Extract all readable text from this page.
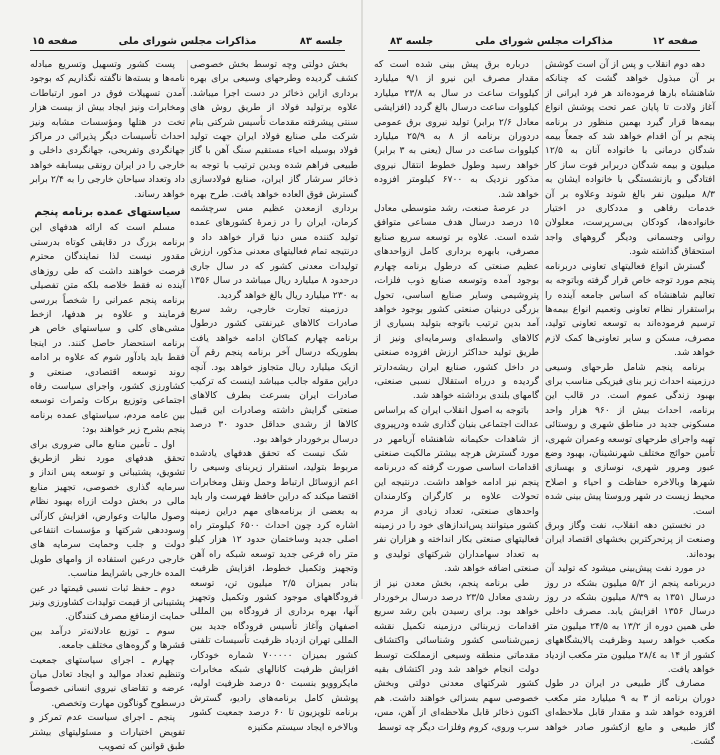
جلسه ۸۳
مذاکرات مجلس شورای ملی
صفحه ۱۵

بخش دولتی وچه توسط بخش خصوصی کشف گردیده وطرحهای وسیعی برای بهره برداری ازاین ذخائر در دست اجرا میباشد. علاوه برتولید فولاد از طریق روش های سنتی پیشرفته مقدمات تأسیس شرکتی بنام شرکت ملی صنایع فولاد ایران جهت تولید فولاد بوسیله احیاء مستقیم سنگ آهن با گاز طبیعی فراهم شده وبدین ترتیب با توجه به ذخائر سرشار گاز ایران، صنایع فولادسازی گسترش فوق العاده خواهد یافت. طرح بهره برداری ازمعدن عظیم مس سرچشمه کرمان، ایران را در زمرهٔ کشورهای عمده تولید کننده مس دنیا قرار خواهد داد و درنتیجه تمام فعالیتهای معدنی مذکور، ارزش تولیدات معدنی کشور که در سال جاری درحدود ۸ میلیارد ریال میباشد در سال ۱۳۵۶ به ۲۳۰ میلیارد ریال بالغ خواهد گردید.

درزمینه تجارت خارجی، رشد سریع صادرات کالاهای غیرنفتی کشور درطول برنامه چهارم کماکان ادامه خواهد یافت بطوریکه درسال آخر برنامه پنجم رقم آن ازیک میلیارد ریال متجاوز خواهد بود. آنچه دراین مقوله جالب میباشد اینست که ترکیب صادرات ایران بسرعت بطرف کالاهای صنعتی گرایش داشته وصادرات این قبیل کالاها از رشدی حداقل حدود ۳۰ درصد درسال برخوردار خواهد بود.

شک نیست که تحقق هدفهای یادشده مربوط بتولید، استقرار زیربنای وسیعی را اعم ازوسائل ارتباط وحمل ونقل ومخابرات اقتضا میکند که دراین حافظ فهرست وار باید به بعضی از برنامه‌های مهم دراین زمینه اشاره کرد چون احداث ۶۵۰۰ کیلومتر راه اصلی جدید وساختمان حدود ۱۲ هزار کیلو متر راه فرعی جدید توسعه شبکه راه آهن وتجهیز وتکمیل خطوط، افزایش ظرفیت بنادر بمیزان ۲/۵ میلیون تن، توسعه فرودگاههای موجود کشور وتکمیل وتجهیز آنها، بهره برداری از فرودگاه بین المللی اصفهان وآغاز تأسیس فرودگاه جدید بین المللی تهران ازدیاد ظرفیت تأسیسات تلفنی کشور بمیزان ۷۰۰۰۰۰ شماره خودکار، افزایش ظرفیت کانالهای شبکه مخابرات مایکروویو بنسبت ۵۰ درصد ظرفیت اولیه، پوشش کامل برنامه‌های رادیو، گسترش برنامه تلویزیون تا ۶۰ درصد جمعیت کشور وبالاخره ایجاد سیستم مکنیزه

پست کشور وتسهیل وتسریع مبادله نامه‌ها و بسته‌ها ناگفته نگذاریم که بوجود آمدن تسهیلات فوق در امور ارتباطات ومخابرات ونیز ایجاد بیش از بیست هزار تخت در هتلها ومؤسسات مشابه ونیز احداث تأسیسات دیگر پذیرائی در مراکز جهانگردی وتفریحی، جهانگردی داخلی و خارجی را در ایران رونقی بیسابقه خواهد داد وتعداد سیاحان خارجی را به ۲/۴ برابر خواهد رساند.

سیاستهای عمده برنامه پنجم

مسلم است که ارائه هدفهای این برنامه بزرگ در دقایقی کوتاه بدرستی مقدور نیست لذا نمایندگان محترم فرصت خواهند داشت که طی روزهای آینده نه فقط خلاصه بلکه متن تفصیلی برنامه پنجم عمرانی را شخصاً بررسی فرمایند و علاوه بر هدفها، ازخط مشی‌های کلی و سیاستهای خاص هر برنامه استحضار حاصل کنند. در اینجا فقط باید یادآور شوم که علاوه بر ادامه روند توسعه اقتصادی، صنعتی و کشاورزی کشور، واجرای سیاست رفاه اجتماعی وتوزیع برکات وثمرات توسعه بین عامه مردم، سیاستهای عمده برنامه پنجم بشرح زیر خواهند بود:

اول ـ تأمین منابع مالی ضروری برای تحقق هدفهای مورد نظر ازطریق تشویق، پشتیبانی و توسعه پس انداز و سرمایه گذاری خصوصی، تجهیز منابع مالی در بخش دولت ازراه بهبود نظام وصول مالیات وعوارض، افزایش کارآئی وسوددهی شرکتها و مؤسسات انتفاعی دولت و جلب وحمایت سرمایه های خارجی درعین استفاده از وامهای طویل المده خارجی باشرایط مناسب.

دوم ـ حفظ ثبات نسبی قیمتها در عین پشتیبانی از قیمت تولیدات کشاورزی ونیز حمایت ازمنافع مصرف کنندگان.

سوم ـ توزیع عادلانه‌تر درآمد بین قشرها و گروه‌های مختلف جامعه.

چهارم ـ اجرای سیاستهای جمعیت وتنظیم تعداد موالید و ایجاد تعادل میان عرضه و تقاضای نیروی انسانی خصوصاً درسطوح گوناگون مهارت وتخصص.

پنجم ـ اجرای سیاست عدم تمرکز و تفویض اختیارات و مسئولیتهای بیشتر طبق قوانین که تصویب

صفحه ۱۲
مذاکرات مجلس شورای ملی
جلسه ۸۳

دهه دوم انقلاب و پس از آن است کوشش بر آن مبذول خواهد گشت که چنانکه شاهنشاه بارها فرموده‌اند هر فرد ایرانی از آغاز ولادت تا پایان عمر تحت پوشش انواع بیمه‌ها قرار گیرد بهمین منظور در برنامه پنجم بر آن اقدام خواهد شد که جمعاً بیمه شدگان درمانی با خانواده آنان به ۱۲/۵ میلیون و بیمه شدگان دربرابر فوت ساز کار افتادگی و بازنشستگی با خانواده ایشان به ۸/۳ میلیون نفر بالغ شوند وعلاوه بر آن خدمات رفاهی و مددکاری در اختیار خانواده‌ها، کودکان بی‌سرپرست، معلولان روانی وجسمانی ودیگر گروههای واجد استحقاق گذاشته شود.

گسترش انواع فعالیتهای تعاونی دربرنامه پنجم مورد توجه خاص قرار گرفته وباتوجه به تعالیم شاهنشاه که اساس جامعه آینده را براستقرار نظام تعاونی وتعمیم انواع بیمه‌ها ترسیم فرموده‌اند به توسعه تعاونی تولید، مصرف، مسکن و سایر تعاونی‌ها کمک لازم خواهد شد.

برنامه پنجم شامل طرحهای وسیعی درزمینه احداث زیر بنای فیزیکی مناسب برای بهبود زندگی عموم است. در قالب این برنامه، احداث بیش از ۹۶۰ هزار واحد مسکونی جدید در مناطق شهری و روستائی تهیه واجرای طرحهای توسعه وعمران شهری، تأمین حوائج مختلف شهرنشینان، بهبود وضع عبور ومرور شهری، نوسازی و بهسازی شهرها وبالاخره حفاظت و احیاء و اصلاح محیط زیست در شهر وروستا پیش بینی شده است.

در نخستین دهه انقلاب، نفت وگاز وبرق وصنعت از پرتحرکترین بخشهای اقتصاد ایران بوده‌اند.

در مورد نفت پیش‌بینی میشود که تولید آن دربرنامه پنجم از ۵/۲ میلیون بشکه در روز درسال ۱۳۵۱ به ۸/۳۹ میلیون بشکه در روز درسال ۱۳۵۶ افزایش یابد. مصرف داخلی طی همین دوره از ۱۳/۲ به ۲۴/۵ میلیون متر مکعب خواهد رسید وظرفیت پالایشگاههای کشور از ۱۴ به ۲۸/٤ میلیون متر مکعب ازدیاد خواهد یافت.

مصارف گاز طبیعی در ایران در طول دوران برنامه از ۳ به ۹ میلیارد متر مکعب افزوده خواهد شد و مقدار قابل ملاحظه‌ای گاز طبیعی و مایع ازکشور صادر خواهد گشت.

درباره برق پیش بینی شده است که مقدار مصرف این نیرو از ۹/۱ میلیارد کیلووات ساعت در سال به ۲۳/۸ میلیارد کیلووات ساعت درسال بالغ گردد (افزایشی معادل ۲/۶ برابر) تولید نیروی برق عمومی دردوران برنامه از ۸ به ۲۵/۹ میلیارد کیلووات ساعت در سال (یعنی به ۳ برابر) خواهد رسید وطول خطوط انتقال نیروی مذکور نزدیک به ۶۷۰۰ کیلومتر افزوده خواهد شد.

در عرصهٔ صنعت، رشد متوسطی معادل ۱۵ درصد درسال هدف مساعی متوافق شده است. علاوه بر توسعه سریع صنایع مصرفی، بابهره برداری کامل ازواحدهای عظیم صنعتی که درطول برنامه چهارم بوجود آمده وتوسعه صنایع ذوب فلزات، پتروشیمی وسایر صنایع اساسی، تحول بزرگی دربنیان صنعتی کشور بوجود خواهد آمد بدین ترتیب باتوجه بتولید بسیاری از کالاهای واسطه‌ای وسرمایه‌ای ونیز از طریق تولید حداکثر ارزش افزوده صنعتی در داخل کشور، صنایع ایران ریشه‌دارتر گردیده و درراه استقلال نسبی صنعتی، گامهای بلندی برداشته خواهد شد.

باتوجه به اصول انقلاب ایران که براساس عدالت اجتماعی بنیان گذاری شده ودرپیروی از شاهدات حکیمانه شاهنشاه آریامهر در مورد گسترش هرچه بیشتر مالکیت صنعتی اقدامات اساسی صورت گرفته که دربرنامه پنجم نیز ادامه خواهد داشت. درنتیجه این تحولات علاوه بر کارگران وکارمندان واحدهای صنعتی، تعداد زیادی از مردم کشور میتوانند پس‌اندازهای خود را در زمینه فعالیتهای صنعتی بکار انداخته و هزاران نفر به تعداد سهامداران شرکتهای تولیدی و صنعتی اضافه خواهد شد.

طی برنامه پنجم، بخش معدن نیز از رشدی معادل ۲۳/۵ درصد درسال برخوردار خواهد بود. برای رسیدن باین رشد سریع اقدامات زیربنائی درزمینه تکمیل نقشه زمین‌شناسی کشور وشناسائی واکتشاف مقدماتی منطقه وسیعی ازمملکت توسط دولت انجام خواهد شد ودر اکتشاف بقیه کشور شرکتهای معدنی دولتی وبخش خصوصی سهم بسزائی خواهند داشت. هم اکنون ذخائر قابل ملاحظه‌ای از آهن، مس، سرب وروی، کروم وفلزات دیگر چه توسط
